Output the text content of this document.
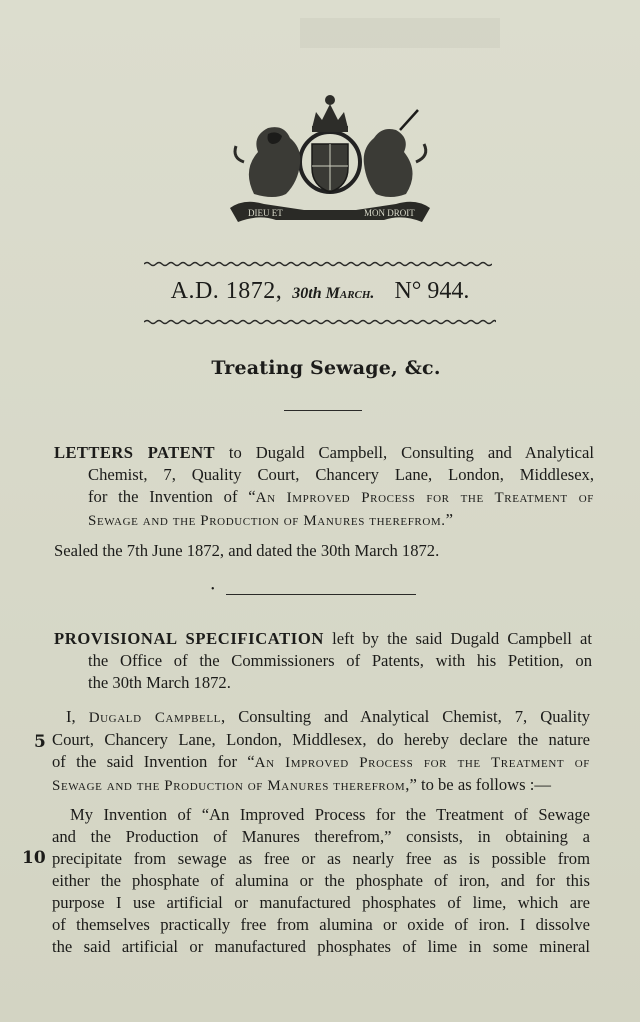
DIEU ET	MON DROIT
A.D. 1872, 30th March. N° 944.
Treating Sewage, &c.
LETTERS PATENT to Dugald Campbell, Consulting and Analytical
Chemist, 7, Quality Court, Chancery Lane, London, Middlesex,
for the Invention of “An Improved Process for the Treatment of
Sewage and the Production of Manures therefrom.”
Sealed the 7th June 1872, and dated the 30th March 1872.
•
PROVISIONAL SPECIFICATION left by the said Dugald Campbell at
the Office of the Commissioners of Patents, with his Petition, on
the 30th March 1872.
5
I, Dugald Campbell, Consulting and Analytical Chemist, 7, Quality
Court, Chancery Lane, London, Middlesex, do hereby declare the nature
of the said Invention for “An Improved Process for the Treatment of
Sewage and the Production of Manures therefrom,” to be as follows :—
10
My Invention of “An Improved Process for the Treatment of Sewage
and the Production of Manures therefrom,” consists, in obtaining a
precipitate from sewage as free or as nearly free as is possible from
either the phosphate of alumina or the phosphate of iron, and for this
purpose I use artificial or manufactured phosphates of lime, which are
of themselves practically free from alumina or oxide of iron. I dissolve
the said artificial or manufactured phosphates of lime in some mineral
